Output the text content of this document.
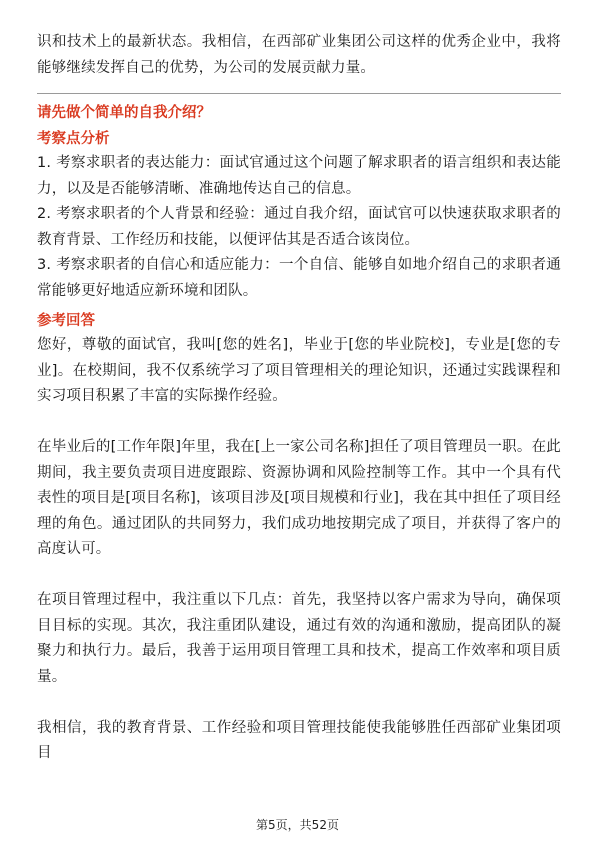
识和技术上的最新状态。我相信，在西部矿业集团公司这样的优秀企业中，我将能够继续发挥自己的优势，为公司的发展贡献力量。

请先做个简单的自我介绍？
考察点分析

1. 考察求职者的表达能力：面试官通过这个问题了解求职者的语言组织和表达能力，以及是否能够清晰、准确地传达自己的信息。

2. 考察求职者的个人背景和经验：通过自我介绍，面试官可以快速获取求职者的教育背景、工作经历和技能，以便评估其是否适合该岗位。

3. 考察求职者的自信心和适应能力：一个自信、能够自如地介绍自己的求职者通常能够更好地适应新环境和团队。

参考回答

您好，尊敬的面试官，我叫[您的姓名]，毕业于[您的毕业院校]，专业是[您的专业]。在校期间，我不仅系统学习了项目管理相关的理论知识，还通过实践课程和实习项目积累了丰富的实际操作经验。

在毕业后的[工作年限]年里，我在[上一家公司名称]担任了项目管理员一职。在此期间，我主要负责项目进度跟踪、资源协调和风险控制等工作。其中一个具有代表性的项目是[项目名称]，该项目涉及[项目规模和行业]，我在其中担任了项目经理的角色。通过团队的共同努力，我们成功地按期完成了项目，并获得了客户的高度认可。

在项目管理过程中，我注重以下几点：首先，我坚持以客户需求为导向，确保项目目标的实现。其次，我注重团队建设，通过有效的沟通和激励，提高团队的凝聚力和执行力。最后，我善于运用项目管理工具和技术，提高工作效率和项目质量。

我相信，我的教育背景、工作经验和项目管理技能使我能够胜任西部矿业集团项目

第5页，共52页
